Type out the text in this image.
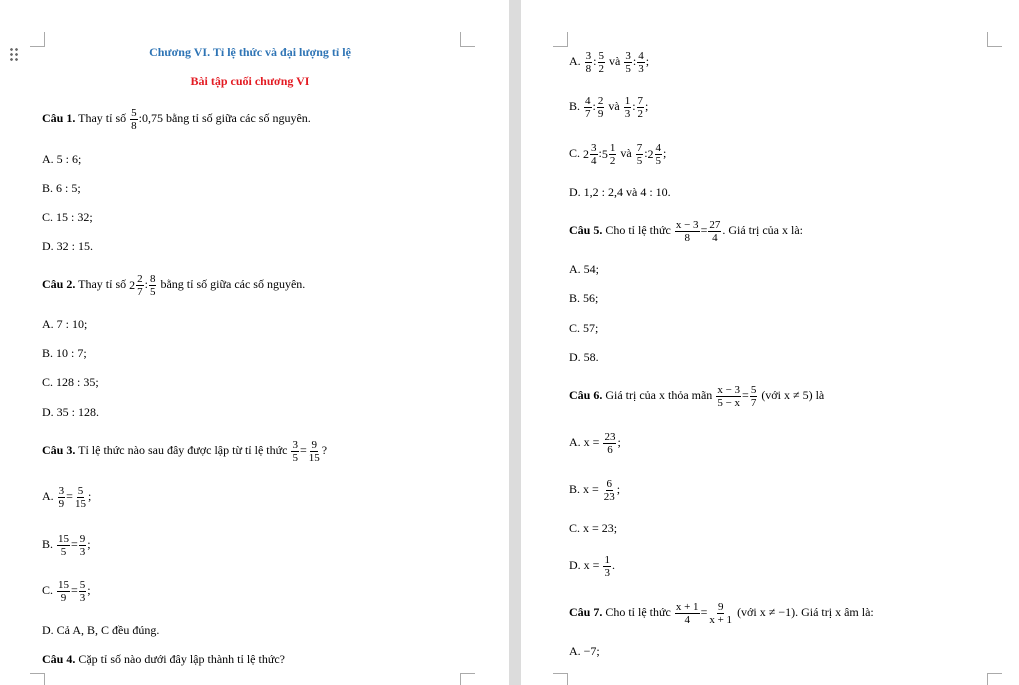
Chương VI. Tỉ lệ thức và đại lượng tỉ lệ
Bài tập cuối chương VI
Câu 1. Thay tỉ số $\frac{5}{8}$ :0,75 bằng tỉ số giữa các số nguyên.
A. 5 : 6;
B. 6 : 5;
C. 15 : 32;
D. 32 : 15.
Câu 2. Thay tỉ số $2 \frac{2}{7}$ : $\frac{8}{5}$ bằng tỉ số giữa các số nguyên.
A. 7 : 10;
B. 10 : 7;
C. 128 : 35;
D. 35 : 128.
Câu 3. Tỉ lệ thức nào sau đây được lập từ tỉ lệ thức $\frac{3}{5} = \frac{9}{15}$ ?
A. $\frac{3}{9} = \frac{5}{15}$ ;
B. $\frac{15}{5} = \frac{9}{3}$ ;
C. $\frac{15}{9} = \frac{5}{3}$ ;
D. Cả A, B, C đều đúng.
Câu 4. Cặp tỉ số nào dưới đây lập thành tỉ lệ thức?
A. $\frac{3}{8}$ : $\frac{5}{2}$ và $\frac{3}{5}$ : $\frac{4}{3}$ ;
B. $\frac{4}{7}$ : $\frac{2}{9}$ và $\frac{1}{3}$ : $\frac{7}{2}$ ;
C. $2 \frac{3}{4}$ : $5 \frac{1}{2}$ và $\frac{7}{5}$ : $2 \frac{4}{5}$ ;
D. 1,2 : 2,4 và 4 : 10.
Câu 5. Cho tỉ lệ thức $\frac{x - 3}{8} = \frac{27}{4}$ . Giá trị của x là:
A. 54;
B. 56;
C. 57;
D. 58.
Câu 6. Giá trị của x thỏa mãn $\frac{x - 3}{5 - x} = \frac{5}{7}$ (với x ≠ 5) là
A. $x = \frac{23}{6}$ ;
B. $x = \frac{6}{23}$ ;
C. x = 23;
D. $x = \frac{1}{3}$ .
Câu 7. Cho tỉ lệ thức $\frac{x + 1}{4} = \frac{9}{x + 1}$ (với x ≠ −1). Giá trị x âm là:
A. −7;
